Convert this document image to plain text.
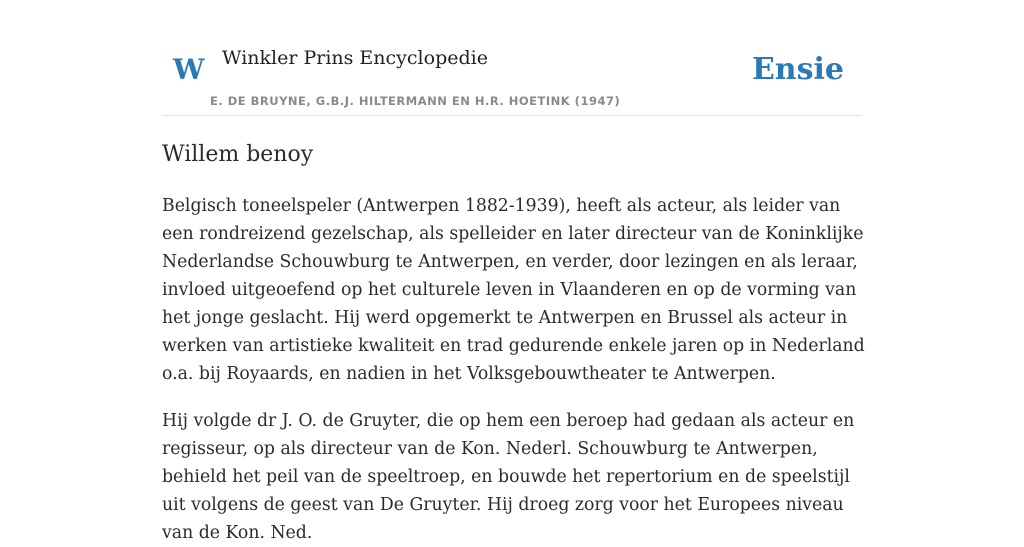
W Winkler Prins Encyclopedie
E. DE BRUYNE, G.B.J. HILTERMANN EN H.R. HOETINK (1947)
Ensie
Willem benoy

Belgisch toneelspeler (Antwerpen 1882-1939), heeft als acteur, als leider van een rondreizend gezelschap, als spelleider en later directeur van de Koninklijke Nederlandse Schouwburg te Antwerpen, en verder, door lezingen en als leraar, invloed uitgeoefend op het culturele leven in Vlaanderen en op de vorming van het jonge geslacht. Hij werd opgemerkt te Antwerpen en Brussel als acteur in werken van artistieke kwaliteit en trad gedurende enkele jaren op in Nederland o.a. bij Royaards, en nadien in het Volksgebouwtheater te Antwerpen.

Hij volgde dr J. O. de Gruyter, die op hem een beroep had gedaan als acteur en regisseur, op als directeur van de Kon. Nederl. Schouwburg te Antwerpen, behield het peil van de speeltroep, en bouwde het repertorium en de speelstijl uit volgens de geest van De Gruyter. Hij droeg zorg voor het Europees niveau van de Kon. Ned.
